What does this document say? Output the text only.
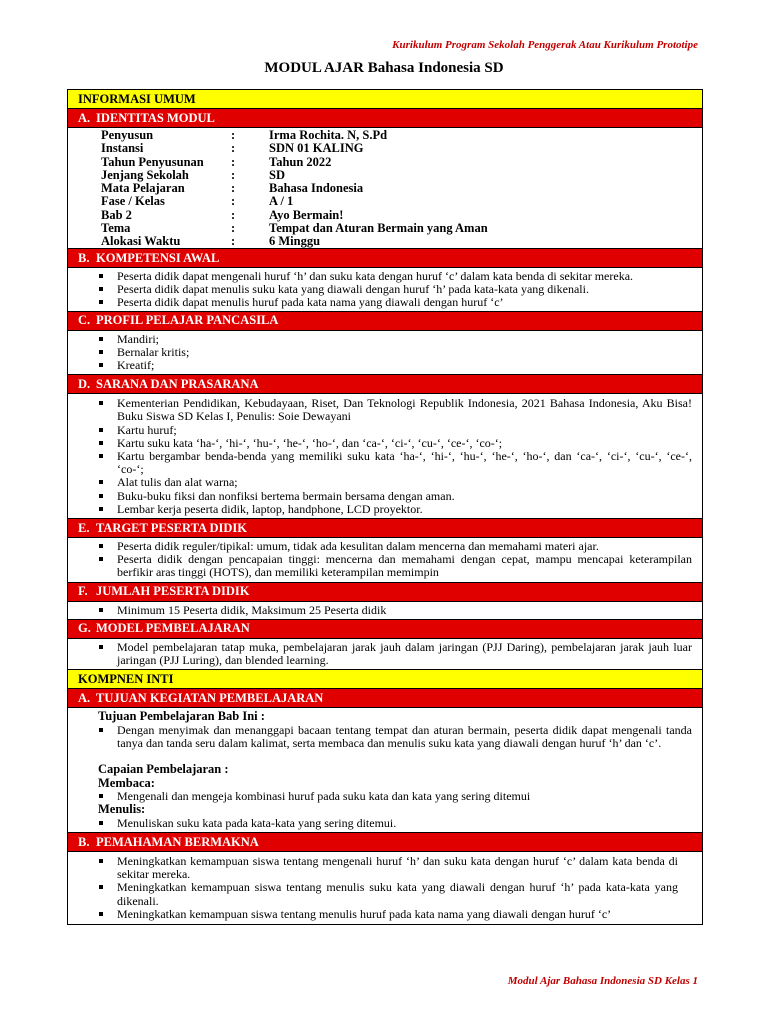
Kurikulum Program Sekolah Penggerak Atau Kurikulum Prototipe
MODUL AJAR Bahasa Indonesia SD
INFORMASI UMUM
A. IDENTITAS MODUL
Penyusun	:	Irma Rochita. N, S.Pd
Instansi	:	SDN 01 KALING
Tahun Penyusunan	:	Tahun 2022
Jenjang Sekolah	:	SD
Mata Pelajaran	:	Bahasa Indonesia
Fase / Kelas	:	A / 1
Bab 2	:	Ayo Bermain!
Tema	:	Tempat dan Aturan Bermain yang Aman
Alokasi Waktu	:	6 Minggu
B. KOMPETENSI AWAL
Peserta didik dapat mengenali huruf ‘h’ dan suku kata dengan huruf ‘c’ dalam kata benda di sekitar mereka.
Peserta didik dapat menulis suku kata yang diawali dengan huruf ‘h’ pada kata-kata yang dikenali.
Peserta didik dapat menulis huruf pada kata nama yang diawali dengan huruf ‘c’
C. PROFIL PELAJAR PANCASILA
Mandiri;
Bernalar kritis;
Kreatif;
D. SARANA DAN PRASARANA
Kementerian Pendidikan, Kebudayaan, Riset, Dan Teknologi Republik Indonesia, 2021 Bahasa Indonesia, Aku Bisa! Buku Siswa SD Kelas I, Penulis: Soie Dewayani
Kartu huruf;
Kartu suku kata ‘ha-‘, ‘hi-‘, ‘hu-‘, ‘he-‘, ‘ho-‘, dan ‘ca-‘, ‘ci-‘, ‘cu-‘, ‘ce-‘, ‘co-‘;
Kartu bergambar benda-benda yang memiliki suku kata ‘ha-‘, ‘hi-‘, ‘hu-‘, ‘he-‘, ‘ho-‘, dan ‘ca-‘, ‘ci-‘, ‘cu-‘, ‘ce-‘, ‘co-‘;
Alat tulis dan alat warna;
Buku-buku fiksi dan nonfiksi bertema bermain bersama dengan aman.
Lembar kerja peserta didik, laptop, handphone, LCD proyektor.
E. TARGET PESERTA DIDIK
Peserta didik reguler/tipikal: umum, tidak ada kesulitan dalam mencerna dan memahami materi ajar.
Peserta didik dengan pencapaian tinggi: mencerna dan memahami dengan cepat, mampu mencapai keterampilan berfikir aras tinggi (HOTS), dan memiliki keterampilan memimpin
F. JUMLAH PESERTA DIDIK
Minimum 15 Peserta didik, Maksimum 25 Peserta didik
G. MODEL PEMBELAJARAN
Model pembelajaran tatap muka, pembelajaran jarak jauh dalam jaringan (PJJ Daring), pembelajaran jarak jauh luar jaringan (PJJ Luring), dan blended learning.
KOMPNEN INTI
A. TUJUAN KEGIATAN PEMBELAJARAN
Tujuan Pembelajaran Bab Ini :
Dengan menyimak dan menanggapi bacaan tentang tempat dan aturan bermain, peserta didik dapat mengenali tanda tanya dan tanda seru dalam kalimat, serta membaca dan menulis suku kata yang diawali dengan huruf ‘h’ dan ‘c’.
Capaian Pembelajaran :
Membaca:
Mengenali dan mengeja kombinasi huruf pada suku kata dan kata yang sering ditemui
Menulis:
Menuliskan suku kata pada kata-kata yang sering ditemui.
B. PEMAHAMAN BERMAKNA
Meningkatkan kemampuan siswa tentang mengenali huruf ‘h’ dan suku kata dengan huruf ‘c’ dalam kata benda di sekitar mereka.
Meningkatkan kemampuan siswa tentang menulis suku kata yang diawali dengan huruf ‘h’ pada kata-kata yang dikenali.
Meningkatkan kemampuan siswa tentang menulis huruf pada kata nama yang diawali dengan huruf ‘c’
Modul Ajar Bahasa Indonesia SD Kelas 1
